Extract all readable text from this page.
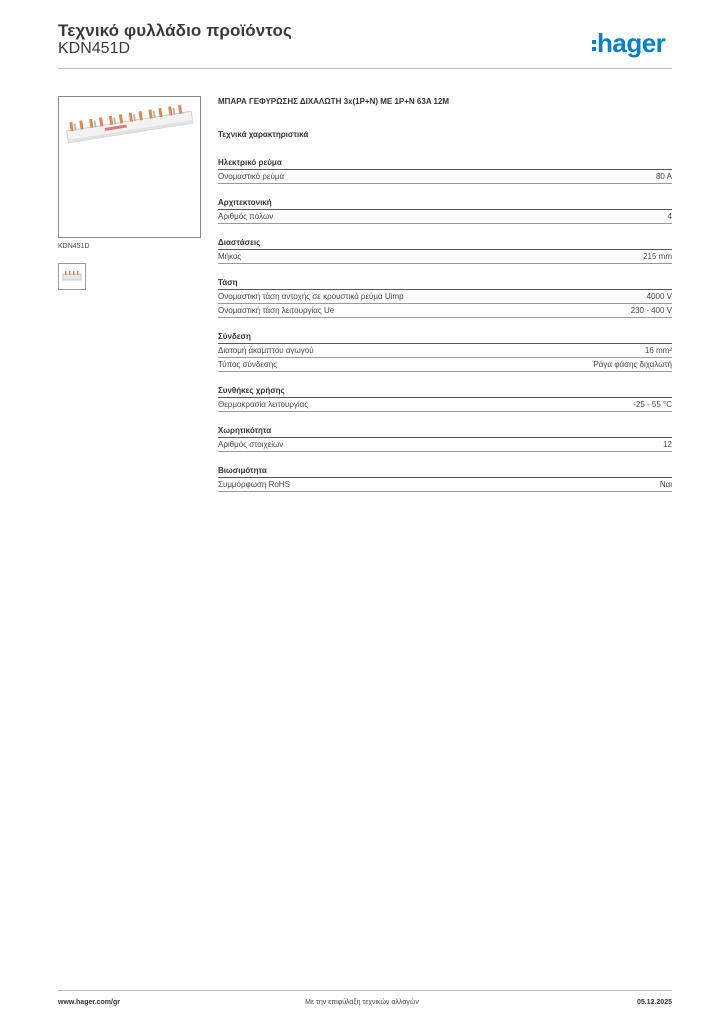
Τεχνικό φυλλάδιο προϊόντος
KDN451D	hager
KDN451D
ΜΠΑΡΑ ΓΕΦΥΡΩΣΗΣ ΔΙΧΑΛΩΤΗ 3x(1P+N) ME 1P+N 63A 12M
Τεχνικά χαρακτηριστικά
Ηλεκτρικό ρεύμα
Ονομαστικό ρεύμα	80 A
Αρχιτεκτονική
Αριθμός πόλων	4
Διαστάσεις
Μήκος	215 mm
Τάση
Ονομαστική τάση αντοχής σε κρουστικό ρεύμα Uimp	4000 V
Ονομαστική τάση λειτουργίας Ue	230 - 400 V
Σύνδεση
Διατομή άκαμπτου αγωγού	16 mm²
Τύπος σύνδεσης	Ράγα φάσης διχαλωτή
Συνθήκες χρήσης
Θερμοκρασία λειτουργίας	-25 - 55 °C
Χωρητικότητα
Αριθμός στοιχείων	12
Βιωσιμότητα
Συμμόρφωση RoHS	Ναι
www.hager.com/gr	Με την επιφύλαξη τεχνικών αλλαγών	05.12.2025
